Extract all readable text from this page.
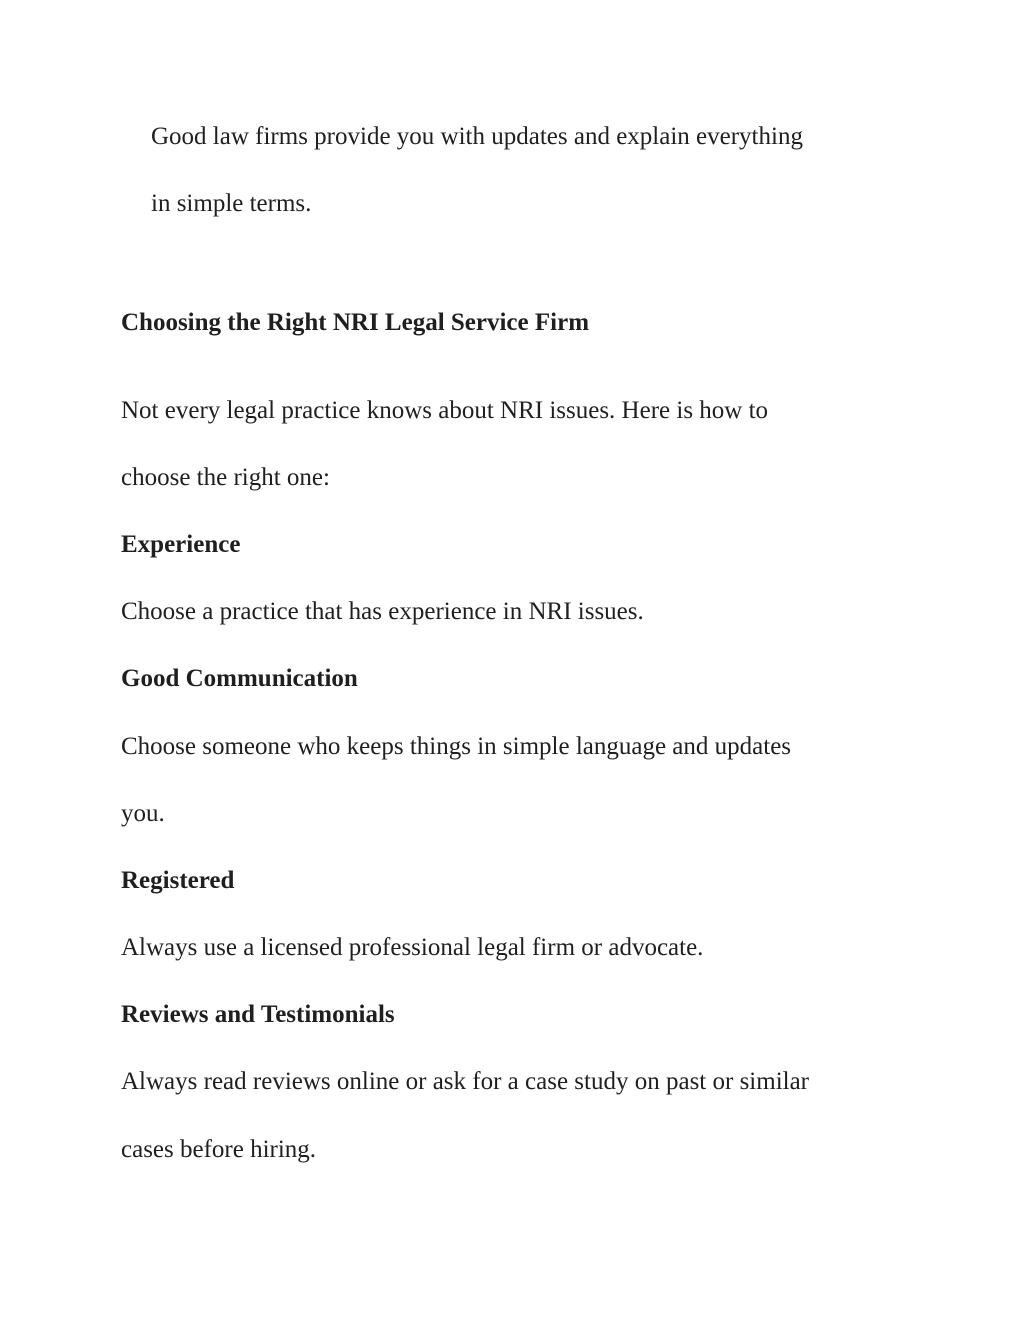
Good law firms provide you with updates and explain everything

in simple terms.

Choosing the Right NRI Legal Service Firm

Not every legal practice knows about NRI issues. Here is how to

choose the right one:

Experience

Choose a practice that has experience in NRI issues.

Good Communication

Choose someone who keeps things in simple language and updates

you.

Registered

Always use a licensed professional legal firm or advocate.

Reviews and Testimonials

Always read reviews online or ask for a case study on past or similar

cases before hiring.
